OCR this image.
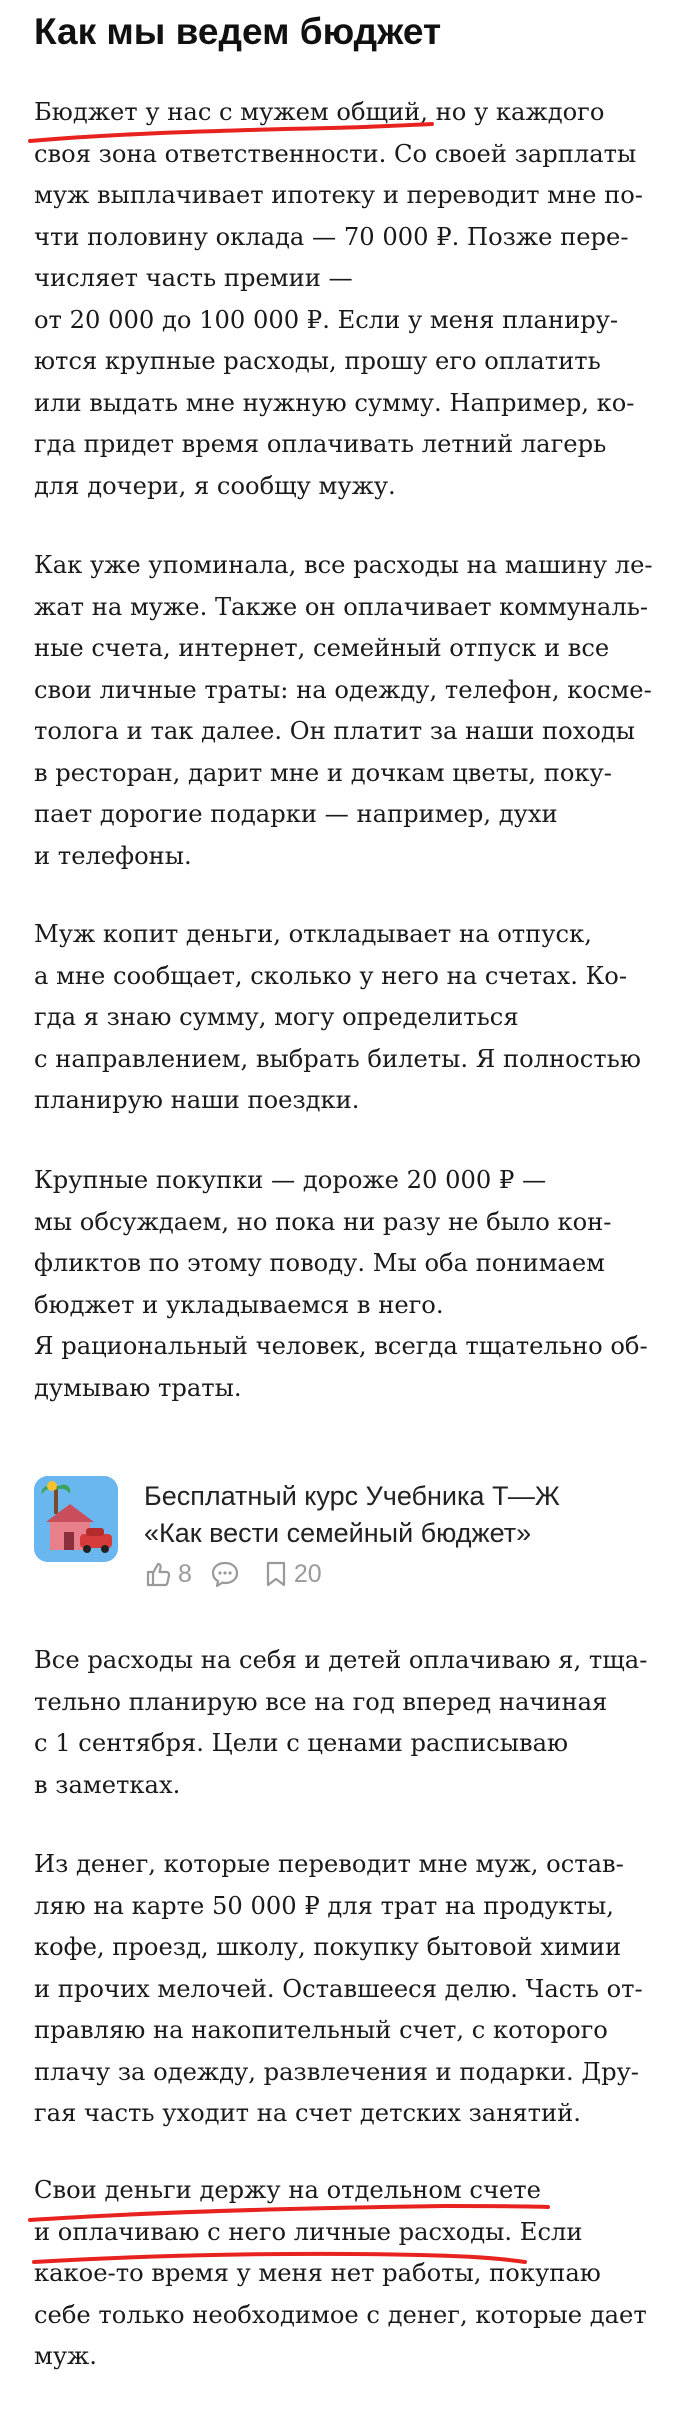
Как мы ведем бюджет
Бюджет у нас с мужем общий, но у каждого
своя зона ответственности. Со своей зарплаты
муж выплачивает ипотеку и переводит мне по-
чти половину оклада — 70 000 ₽. Позже пере-
числяет часть премии —
от 20 000 до 100 000 ₽. Если у меня планиру-
ются крупные расходы, прошу его оплатить
или выдать мне нужную сумму. Например, ко-
гда придет время оплачивать летний лагерь
для дочери, я сообщу мужу.
Как уже упоминала, все расходы на машину ле-
жат на муже. Также он оплачивает коммуналь-
ные счета, интернет, семейный отпуск и все
свои личные траты: на одежду, телефон, косме-
толога и так далее. Он платит за наши походы
в ресторан, дарит мне и дочкам цветы, поку-
пает дорогие подарки — например, духи
и телефоны.
Муж копит деньги, откладывает на отпуск,
а мне сообщает, сколько у него на счетах. Ко-
гда я знаю сумму, могу определиться
с направлением, выбрать билеты. Я полностью
планирую наши поездки.
Крупные покупки — дороже 20 000 ₽ —
мы обсуждаем, но пока ни разу не было кон-
фликтов по этому поводу. Мы оба понимаем
бюджет и укладываемся в него.
Я рациональный человек, всегда тщательно об-
думываю траты.
Бесплатный курс Учебника Т—Ж
«Как вести семейный бюджет»
8	20
Все расходы на себя и детей оплачиваю я, тща-
тельно планирую все на год вперед начиная
с 1 сентября. Цели с ценами расписываю
в заметках.
Из денег, которые переводит мне муж, остав-
ляю на карте 50 000 ₽ для трат на продукты,
кофе, проезд, школу, покупку бытовой химии
и прочих мелочей. Оставшееся делю. Часть от-
правляю на накопительный счет, с которого
плачу за одежду, развлечения и подарки. Дру-
гая часть уходит на счет детских занятий.
Свои деньги держу на отдельном счете
и оплачиваю с него личные расходы. Если
какое-то время у меня нет работы, покупаю
себе только необходимое с денег, которые дает
муж.
